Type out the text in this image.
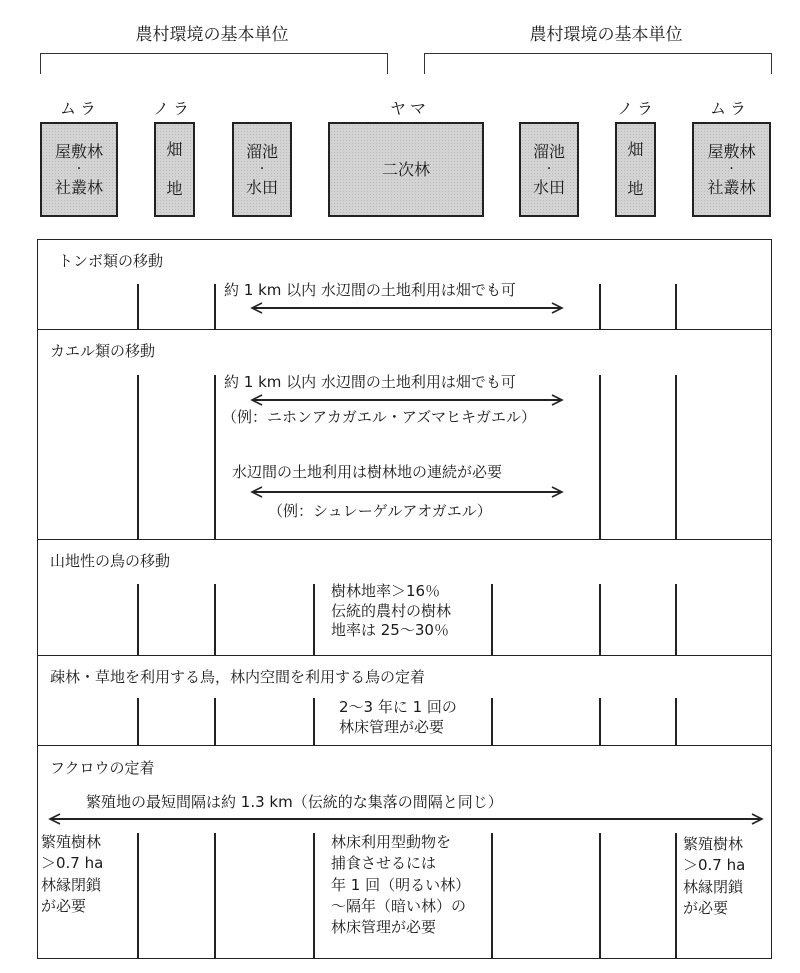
農村環境の基本単位	農村環境の基本単位
ムラ	ノラ	ヤマ	ノラ	ムラ
屋敷林
・
社叢林
畑
地
溜池
・
水田
二次林
溜池
・
水田
畑
地
屋敷林
・
社叢林
トンボ類の移動
カエル類の移動
山地性の鳥の移動
疎林・草地を利用する鳥，林内空間を利用する鳥の定着
フクロウの定着
約 1 km 以内 水辺間の土地利用は畑でも可
約 1 km 以内 水辺間の土地利用は畑でも可
（例：ニホンアカガエル・アズマヒキガエル）
水辺間の土地利用は樹林地の連続が必要
（例：シュレーゲルアオガエル）
樹林地率＞16％
伝統的農村の樹林
地率は 25～30％
2～3 年に 1 回の
林床管理が必要
繁殖地の最短間隔は約 1.3 km（伝統的な集落の間隔と同じ）
繁殖樹林
＞0.7 ha
林縁閉鎖
が必要
林床利用型動物を
捕食させるには
年 1 回（明るい林）
～隔年（暗い林）の
林床管理が必要
繁殖樹林
＞0.7 ha
林縁閉鎖
が必要
